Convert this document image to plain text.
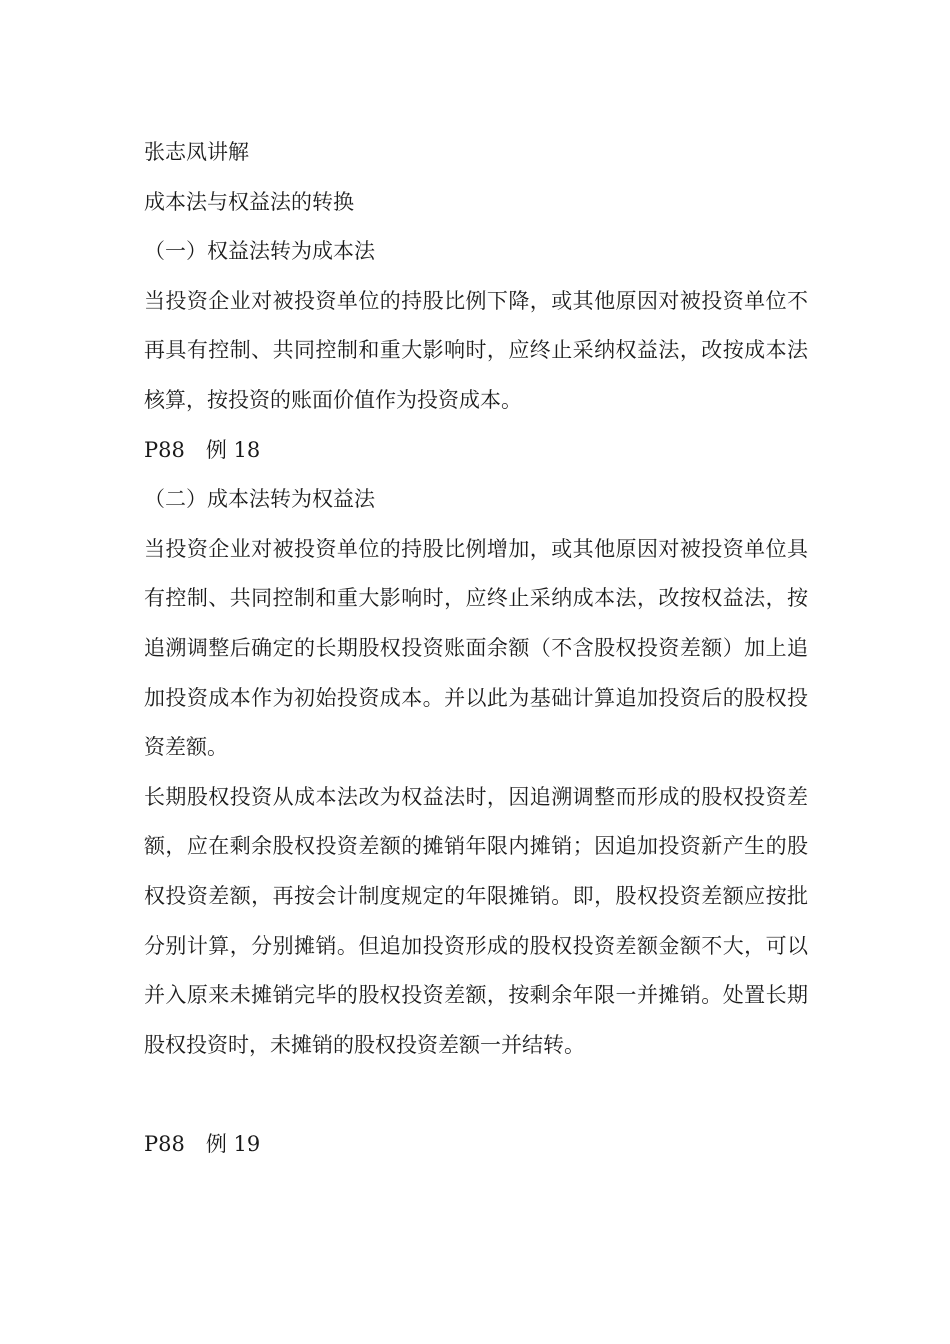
张志凤讲解

成本法与权益法的转换

（一）权益法转为成本法

当投资企业对被投资单位的持股比例下降，或其他原因对被投资单位不再具有控制、共同控制和重大影响时，应终止采纳权益法，改按成本法核算，按投资的账面价值作为投资成本。

P88　例 18

（二）成本法转为权益法

当投资企业对被投资单位的持股比例增加，或其他原因对被投资单位具有控制、共同控制和重大影响时，应终止采纳成本法，改按权益法，按追溯调整后确定的长期股权投资账面余额（不含股权投资差额）加上追加投资成本作为初始投资成本。并以此为基础计算追加投资后的股权投资差额。

长期股权投资从成本法改为权益法时，因追溯调整而形成的股权投资差额，应在剩余股权投资差额的摊销年限内摊销；因追加投资新产生的股权投资差额，再按会计制度规定的年限摊销。即，股权投资差额应按批分别计算，分别摊销。但追加投资形成的股权投资差额金额不大，可以并入原来未摊销完毕的股权投资差额，按剩余年限一并摊销。处置长期股权投资时，未摊销的股权投资差额一并结转。

P88　例 19
